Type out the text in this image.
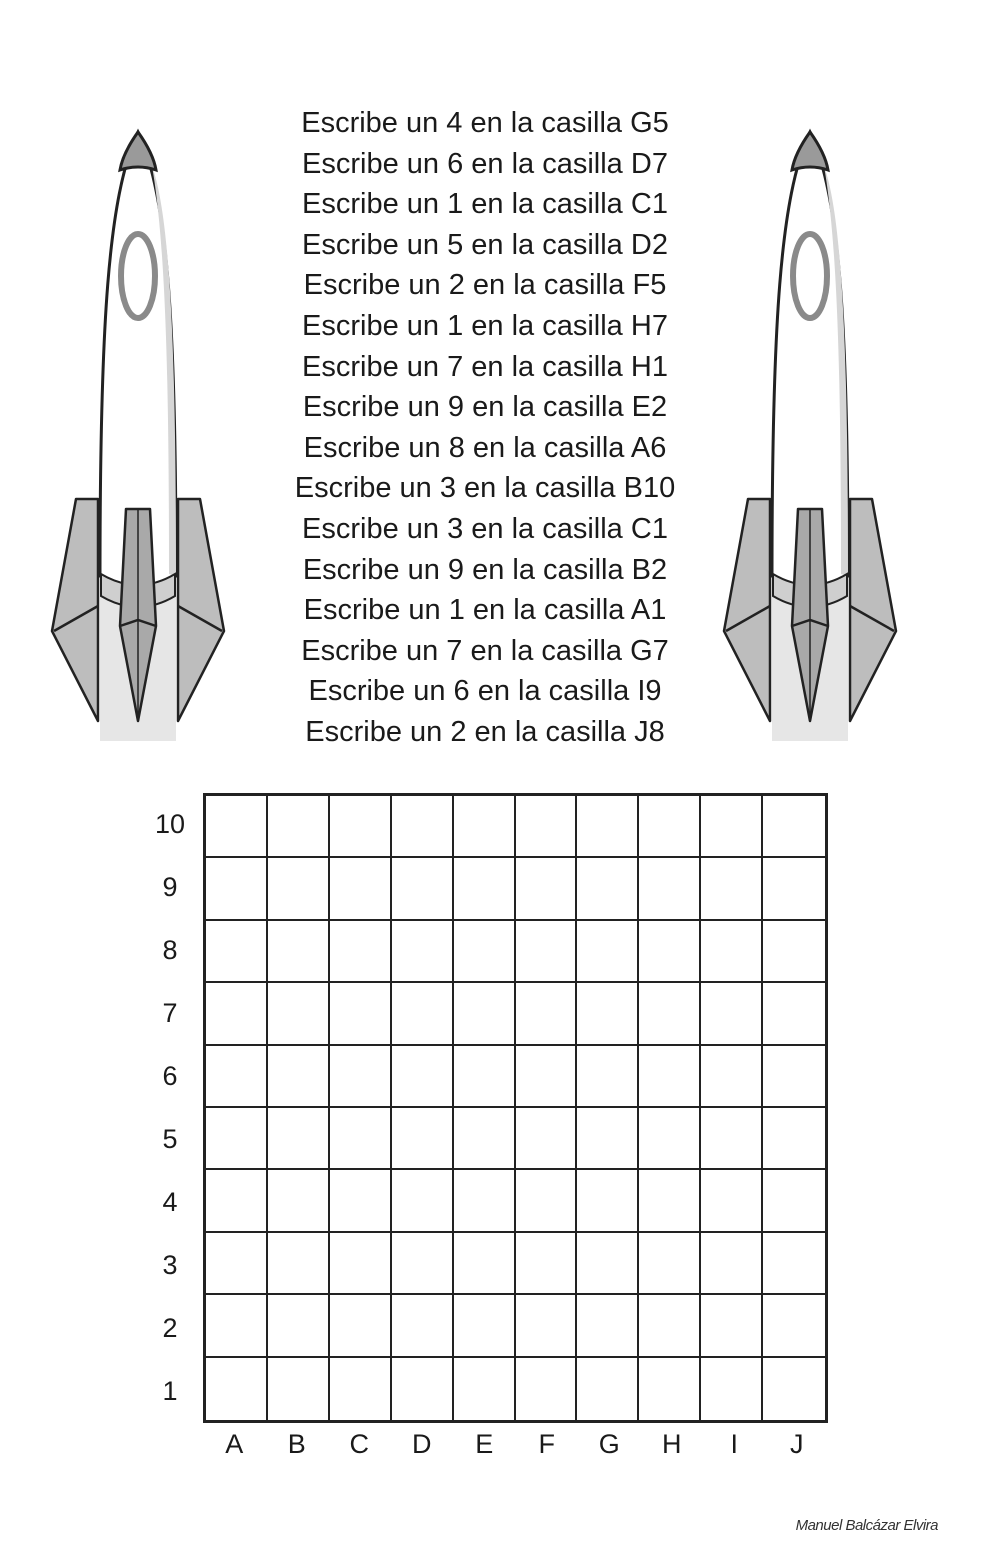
Escribe un 4 en la casilla G5
Escribe un 6 en la casilla D7
Escribe un 1 en la casilla C1
Escribe un 5 en la casilla D2
Escribe un 2 en la casilla F5
Escribe un 1 en la casilla H7
Escribe un 7 en la casilla H1
Escribe un 9 en la casilla E2
Escribe un 8 en la casilla A6
Escribe un 3 en la casilla B10
Escribe un 3 en la casilla C1
Escribe un 9 en la casilla B2
Escribe un 1 en la casilla A1
Escribe un 7 en la casilla G7
Escribe un 6 en la casilla I9
Escribe un 2 en la casilla J8
10
9
8
7
6
5
4
3
2
1
A	B	C	D	E	F	G	H	I	J
Manuel Balcázar Elvira
